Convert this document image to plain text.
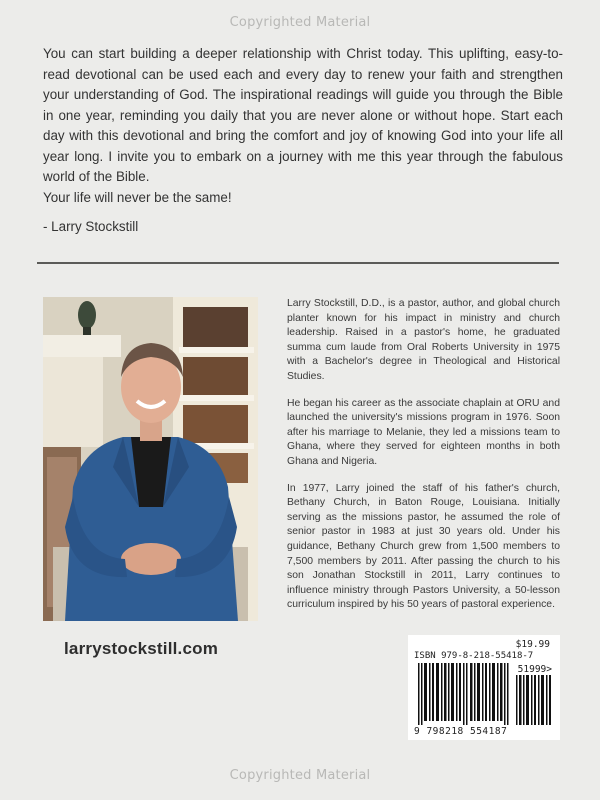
Copyrighted Material

You can start building a deeper relationship with Christ today. This uplifting, easy-to-read devotional can be used each and every day to renew your faith and strengthen your understanding of God. The inspirational readings will guide you through the Bible in one year, reminding you daily that you are never alone or without hope. Start each day with this devotional and bring the comfort and joy of knowing God into your life all year long. I invite you to embark on a journey with me this year through the fabulous world of the Bible.

Your life will never be the same!

- Larry Stockstill

Larry Stockstill, D.D., is a pastor, author, and global church planter known for his impact in ministry and church leadership. Raised in a pastor's home, he graduated summa cum laude from Oral Roberts University in 1975 with a Bachelor's degree in Theological and Historical Studies.

He began his career as the associate chaplain at ORU and launched the university's missions program in 1976. Soon after his marriage to Melanie, they led a missions team to Ghana, where they served for eighteen months in both Ghana and Nigeria.

In 1977, Larry joined the staff of his father's church, Bethany Church, in Baton Rouge, Louisiana. Initially serving as the missions pastor, he assumed the role of senior pastor in 1983 at just 30 years old. Under his guidance, Bethany Church grew from 1,500 members to 7,500 members by 2011. After passing the church to his son Jonathan Stockstill in 2011, Larry continues to influence ministry through Pastors University, a 50-lesson curriculum inspired by his 50 years of pastoral experience.

larrystockstill.com	$19.99
ISBN 979-8-218-55418-7
51999>
9 798218 554187
Copyrighted Material
